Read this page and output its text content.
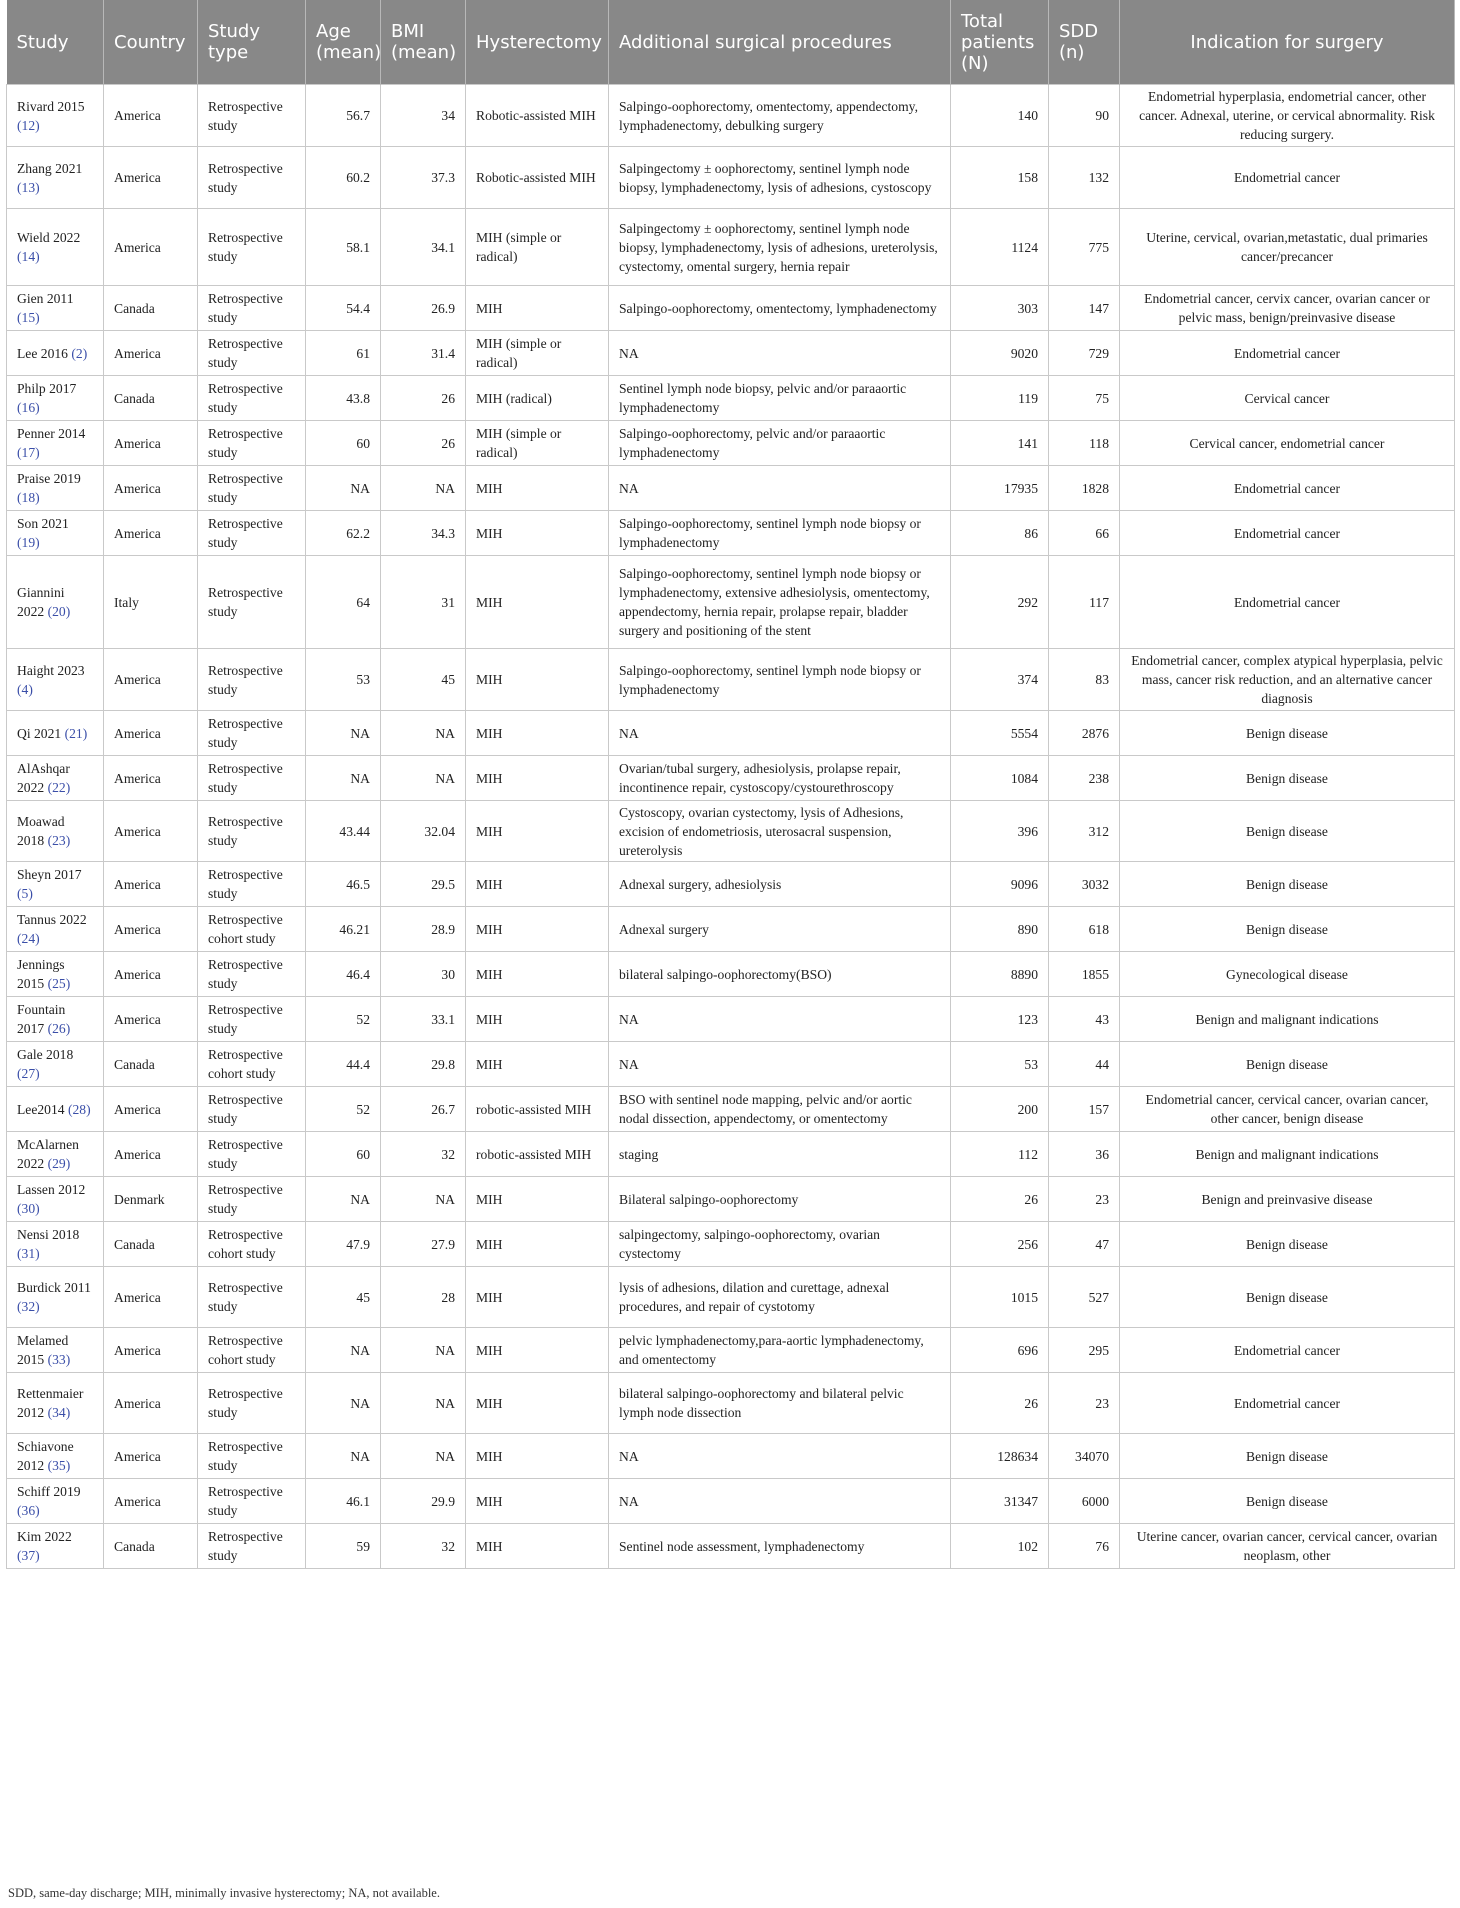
Study	Country	Study type	Age (mean)	BMI (mean)	Hysterectomy	Additional surgical procedures	Total patients (N)	SDD (n)	Indication for surgery
Rivard 2015 (12)	America	Retrospective study	56.7	34	Robotic-assisted MIH	Salpingo-oophorectomy, omentectomy, appendectomy, lymphadenectomy, debulking surgery	140	90	Endometrial hyperplasia, endometrial cancer, other cancer. Adnexal, uterine, or cervical abnormality. Risk reducing surgery.
Zhang 2021 (13)	America	Retrospective study	60.2	37.3	Robotic-assisted MIH	Salpingectomy ± oophorectomy, sentinel lymph node biopsy, lymphadenectomy, lysis of adhesions, cystoscopy	158	132	Endometrial cancer
Wield 2022 (14)	America	Retrospective study	58.1	34.1	MIH (simple or radical)	Salpingectomy ± oophorectomy, sentinel lymph node biopsy, lymphadenectomy, lysis of adhesions, ureterolysis, cystectomy, omental surgery, hernia repair	1124	775	Uterine, cervical, ovarian,metastatic, dual primaries cancer/precancer
Gien 2011 (15)	Canada	Retrospective study	54.4	26.9	MIH	Salpingo-oophorectomy, omentectomy, lymphadenectomy	303	147	Endometrial cancer, cervix cancer, ovarian cancer or pelvic mass, benign/preinvasive disease
Lee 2016 (2)	America	Retrospective study	61	31.4	MIH (simple or radical)	NA	9020	729	Endometrial cancer
Philp 2017 (16)	Canada	Retrospective study	43.8	26	MIH (radical)	Sentinel lymph node biopsy, pelvic and/or paraaortic lymphadenectomy	119	75	Cervical cancer
Penner 2014 (17)	America	Retrospective study	60	26	MIH (simple or radical)	Salpingo-oophorectomy, pelvic and/or paraaortic lymphadenectomy	141	118	Cervical cancer, endometrial cancer
Praise 2019 (18)	America	Retrospective study	NA	NA	MIH	NA	17935	1828	Endometrial cancer
Son 2021 (19)	America	Retrospective study	62.2	34.3	MIH	Salpingo-oophorectomy, sentinel lymph node biopsy or lymphadenectomy	86	66	Endometrial cancer
Giannini 2022 (20)	Italy	Retrospective study	64	31	MIH	Salpingo-oophorectomy, sentinel lymph node biopsy or lymphadenectomy, extensive adhesiolysis, omentectomy, appendectomy, hernia repair, prolapse repair, bladder surgery and positioning of the stent	292	117	Endometrial cancer
Haight 2023 (4)	America	Retrospective study	53	45	MIH	Salpingo-oophorectomy, sentinel lymph node biopsy or lymphadenectomy	374	83	Endometrial cancer, complex atypical hyperplasia, pelvic mass, cancer risk reduction, and an alternative cancer diagnosis
Qi 2021 (21)	America	Retrospective study	NA	NA	MIH	NA	5554	2876	Benign disease
AlAshqar 2022 (22)	America	Retrospective study	NA	NA	MIH	Ovarian/tubal surgery, adhesiolysis, prolapse repair, incontinence repair, cystoscopy/cystourethroscopy	1084	238	Benign disease
Moawad 2018 (23)	America	Retrospective study	43.44	32.04	MIH	Cystoscopy, ovarian cystectomy, lysis of Adhesions, excision of endometriosis, uterosacral suspension, ureterolysis	396	312	Benign disease
Sheyn 2017 (5)	America	Retrospective study	46.5	29.5	MIH	Adnexal surgery, adhesiolysis	9096	3032	Benign disease
Tannus 2022 (24)	America	Retrospective cohort study	46.21	28.9	MIH	Adnexal surgery	890	618	Benign disease
Jennings 2015 (25)	America	Retrospective study	46.4	30	MIH	bilateral salpingo-oophorectomy(BSO)	8890	1855	Gynecological disease
Fountain 2017 (26)	America	Retrospective study	52	33.1	MIH	NA	123	43	Benign and malignant indications
Gale 2018 (27)	Canada	Retrospective cohort study	44.4	29.8	MIH	NA	53	44	Benign disease
Lee2014 (28)	America	Retrospective study	52	26.7	robotic-assisted MIH	BSO with sentinel node mapping, pelvic and/or aortic nodal dissection, appendectomy, or omentectomy	200	157	Endometrial cancer, cervical cancer, ovarian cancer, other cancer, benign disease
McAlarnen 2022 (29)	America	Retrospective study	60	32	robotic-assisted MIH	staging	112	36	Benign and malignant indications
Lassen 2012 (30)	Denmark	Retrospective study	NA	NA	MIH	Bilateral salpingo-oophorectomy	26	23	Benign and preinvasive disease
Nensi 2018 (31)	Canada	Retrospective cohort study	47.9	27.9	MIH	salpingectomy, salpingo-oophorectomy, ovarian cystectomy	256	47	Benign disease
Burdick 2011 (32)	America	Retrospective study	45	28	MIH	lysis of adhesions, dilation and curettage, adnexal procedures, and repair of cystotomy	1015	527	Benign disease
Melamed 2015 (33)	America	Retrospective cohort study	NA	NA	MIH	pelvic lymphadenectomy,para-aortic lymphadenectomy, and omentectomy	696	295	Endometrial cancer
Rettenmaier 2012 (34)	America	Retrospective study	NA	NA	MIH	bilateral salpingo-oophorectomy and bilateral pelvic lymph node dissection	26	23	Endometrial cancer
Schiavone 2012 (35)	America	Retrospective study	NA	NA	MIH	NA	128634	34070	Benign disease
Schiff 2019 (36)	America	Retrospective study	46.1	29.9	MIH	NA	31347	6000	Benign disease
Kim 2022 (37)	Canada	Retrospective study	59	32	MIH	Sentinel node assessment, lymphadenectomy	102	76	Uterine cancer, ovarian cancer, cervical cancer, ovarian neoplasm, other
SDD, same-day discharge; MIH, minimally invasive hysterectomy; NA, not available.
